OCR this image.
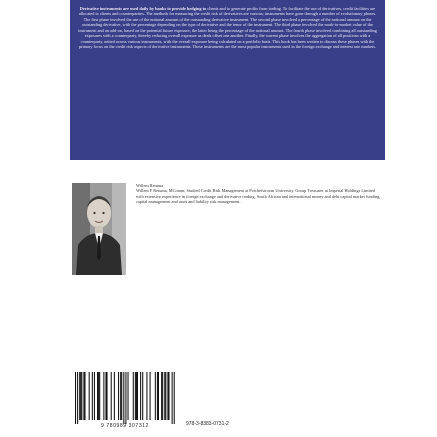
Derivative instruments are used daily by banks to provide hedging to clients and to generate profits from trading. To facilitate the use of derivatives, credit facilities are allocated to clients and counterparties. The methods for measuring the credit risk of derivatives are various; instruments have gone through a number of evolutionary phases. The first phase involved the use of the notional amount of the outstanding derivative instrument. The second phase involved a percentage of the notional amount on the outstanding derivative, with the percentage depending on the type of derivative and the tenor of the instrument. The third phase involved the mark-to-market value of the instrument and an add-on, based on the potential future exposure, the latter being the percentage of the notional amount. The fourth phase involved combining all outstanding exposures with a counterparty, thereby reducing overall exposure as deals offset one another. Finally, the current phase involves the aggregation of all positions with a counterparty, netted across various instruments, with the overall exposure being calculated on a portfolio basis. This book has been written to discuss these phases with the primary focus on the credit risk aspects of derivative instruments. These instruments are the most popular instruments used in the foreign exchange and interest rate markets.

Willem Retuma

Willem F Retuma, MComm; Studied Credit Risk Management at Potchefstroom University. Group Treasurer at Imperial Holdings Limited with extensive experience in foreign exchange and derivative trading, South African and international money and debt capital market funding, capital management and asset and liability risk management.

9 780989 307312	978-3-8383-0731-2
